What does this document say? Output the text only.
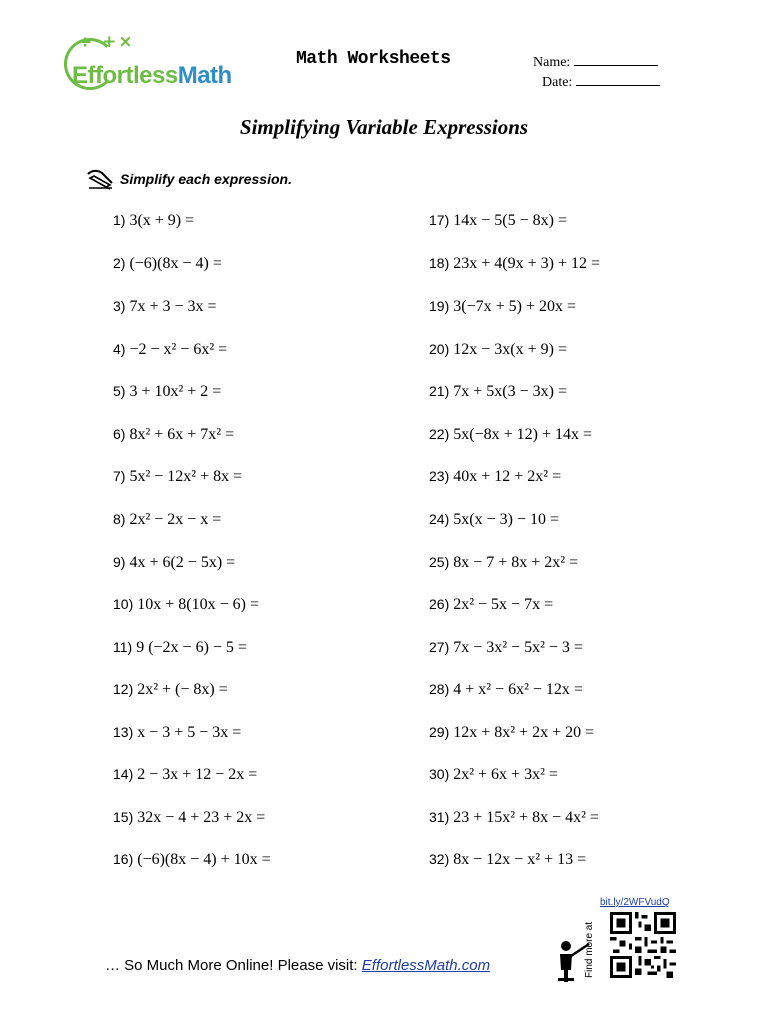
÷ +×
EffortlessMath
Math Worksheets	Name:
Date:
Simplifying Variable Expressions
Simplify each expression.
1) 3(x + 9) =
2) (−6)(8x − 4) =
3) 7x + 3 − 3x =
4) −2 − x² − 6x² =
5) 3 + 10x² + 2 =
6) 8x² + 6x + 7x² =
7) 5x² − 12x² + 8x =
8) 2x² − 2x − x =
9) 4x + 6(2 − 5x) =
10) 10x + 8(10x − 6) =
11) 9 (−2x − 6) − 5 =
12) 2x² + (− 8x) =
13) x − 3 + 5 − 3x =
14) 2 − 3x + 12 − 2x =
15) 32x − 4 + 23 + 2x =
16) (−6)(8x − 4) + 10x =
17) 14x − 5(5 − 8x) =
18) 23x + 4(9x + 3) + 12 =
19) 3(−7x + 5) + 20x =
20) 12x − 3x(x + 9) =
21) 7x + 5x(3 − 3x) =
22) 5x(−8x + 12) + 14x =
23) 40x + 12 + 2x² =
24) 5x(x − 3) − 10 =
25) 8x − 7 + 8x + 2x² =
26) 2x² − 5x − 7x =
27) 7x − 3x² − 5x² − 3 =
28) 4 + x² − 6x² − 12x =
29) 12x + 8x² + 2x + 20 =
30) 2x² + 6x + 3x² =
31) 23 + 15x² + 8x − 4x² =
32) 8x − 12x − x² + 13 =
… So Much More Online! Please visit: EffortlessMath.com	Find more at
bit.ly/2WFVudQ
